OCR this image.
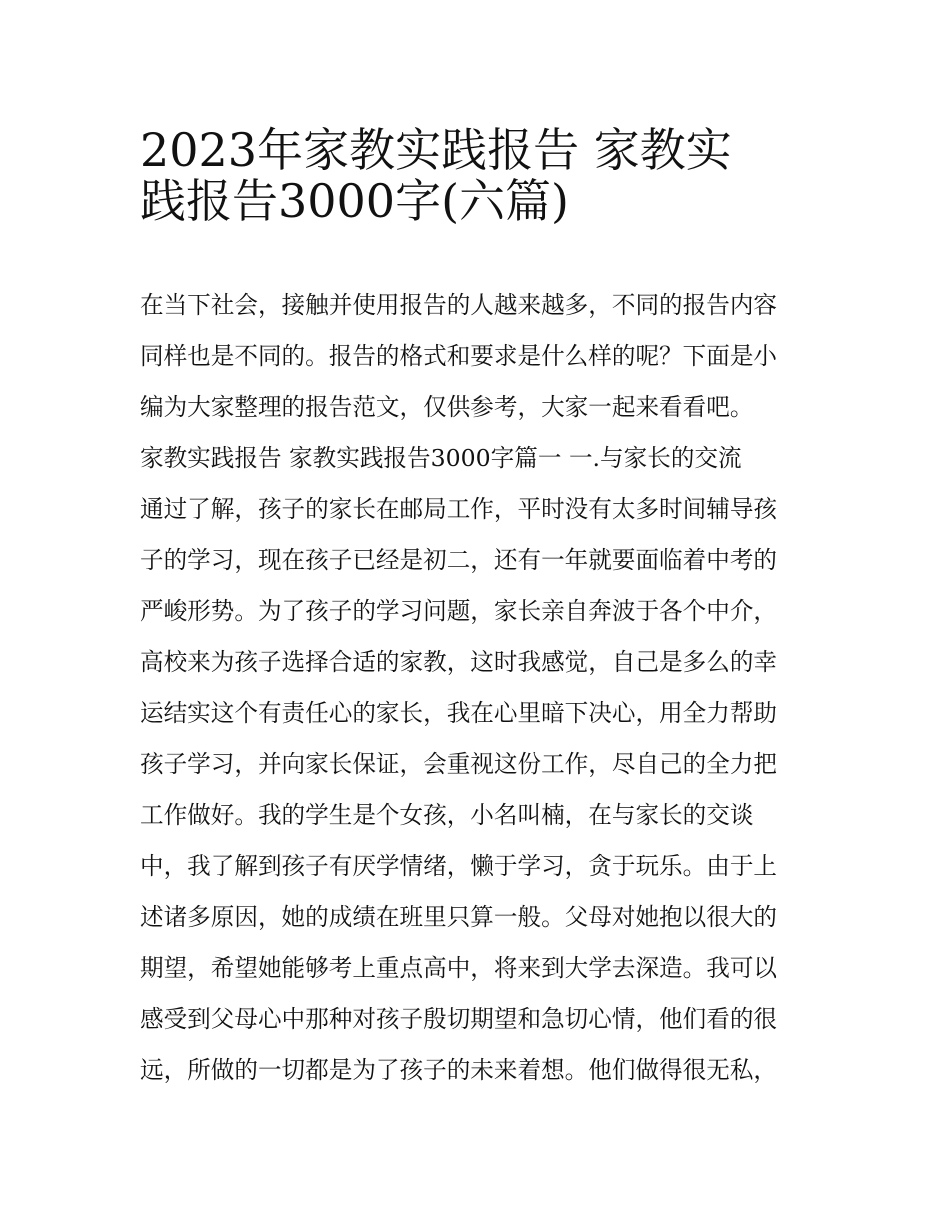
2023年家教实践报告 家教实
践报告3000字(六篇)
在当下社会，接触并使用报告的人越来越多，不同的报告内容
同样也是不同的。报告的格式和要求是什么样的呢？下面是小
编为大家整理的报告范文，仅供参考，大家一起来看看吧。
家教实践报告 家教实践报告3000字篇一 一.与家长的交流
通过了解，孩子的家长在邮局工作，平时没有太多时间辅导孩
子的学习，现在孩子已经是初二，还有一年就要面临着中考的
严峻形势。为了孩子的学习问题，家长亲自奔波于各个中介，
高校来为孩子选择合适的家教，这时我感觉，自己是多么的幸
运结实这个有责任心的家长，我在心里暗下决心，用全力帮助
孩子学习，并向家长保证，会重视这份工作，尽自己的全力把
工作做好。我的学生是个女孩，小名叫楠，在与家长的交谈
中，我了解到孩子有厌学情绪，懒于学习，贪于玩乐。由于上
述诸多原因，她的成绩在班里只算一般。父母对她抱以很大的
期望，希望她能够考上重点高中，将来到大学去深造。我可以
感受到父母心中那种对孩子殷切期望和急切心情，他们看的很
远，所做的一切都是为了孩子的未来着想。他们做得很无私，
